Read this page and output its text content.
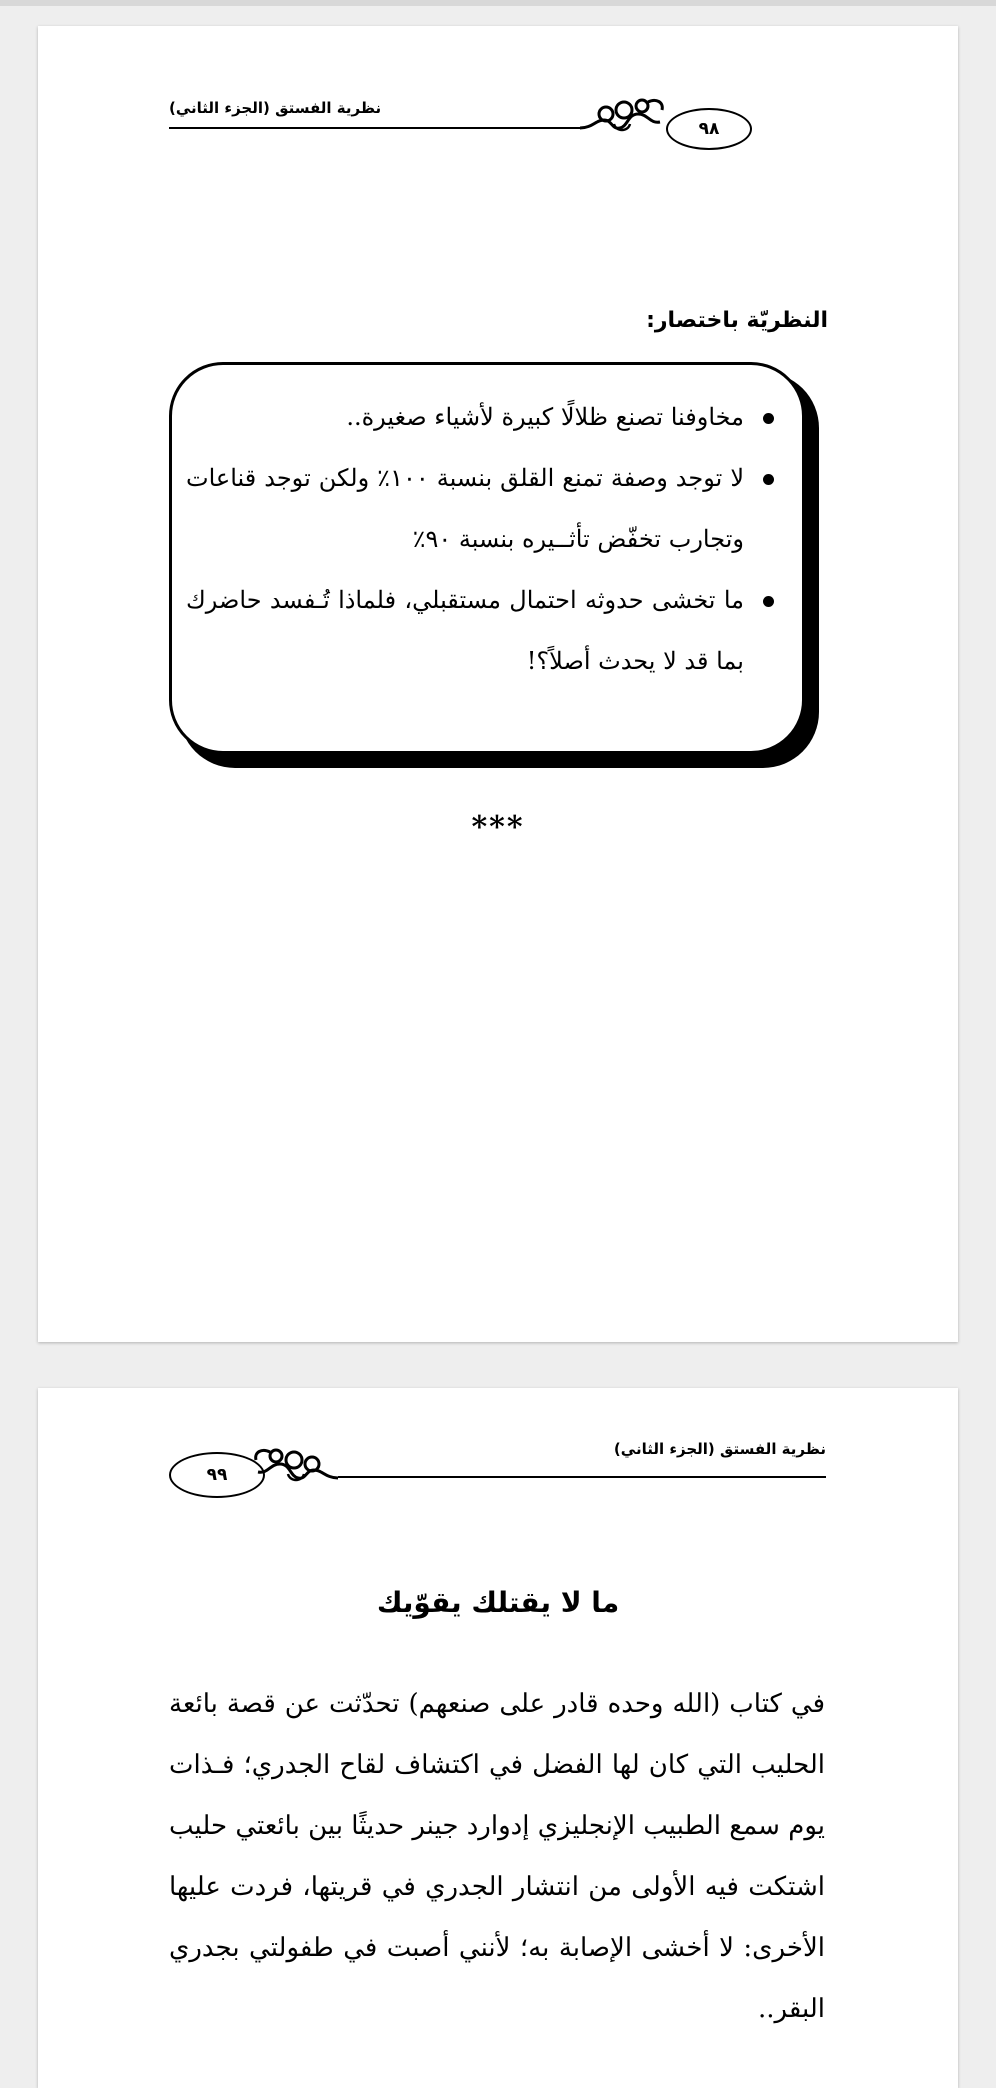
نظرية الفستق (الجزء الثاني)
٩٨
النظريّة باختصار:
مخاوفنا تصنع ظلالًا كبيرة لأشياء صغيرة..
لا توجد وصفة تمنع القلق بنسبة ١٠٠٪ ولكن توجد قناعات وتجارب تخفّض تأثــيره بنسبة ٩٠٪
ما تخشى حدوثه احتمال مستقبلي، فلماذا تُـفسد حاضرك بما قد لا يحدث أصلاً؟!
***
٩٩
نظرية الفستق (الجزء الثاني)
ما لا يقتلك يقوّيك

في كتاب (الله وحده قادر على صنعهم) تحدّثت عن قصة بائعة الحليب التي كان لها الفضل في اكتشاف لقاح الجدري؛ فـذات يوم سمع الطبيب الإنجليزي إدوارد جينر حديثًا بين بائعتي حليب اشتكت فيه الأولى من انتشار الجدري في قريتها، فردت عليها الأخرى: لا أخشى الإصابة به؛ لأنني أصبت في طفولتي بجدري البقر..
